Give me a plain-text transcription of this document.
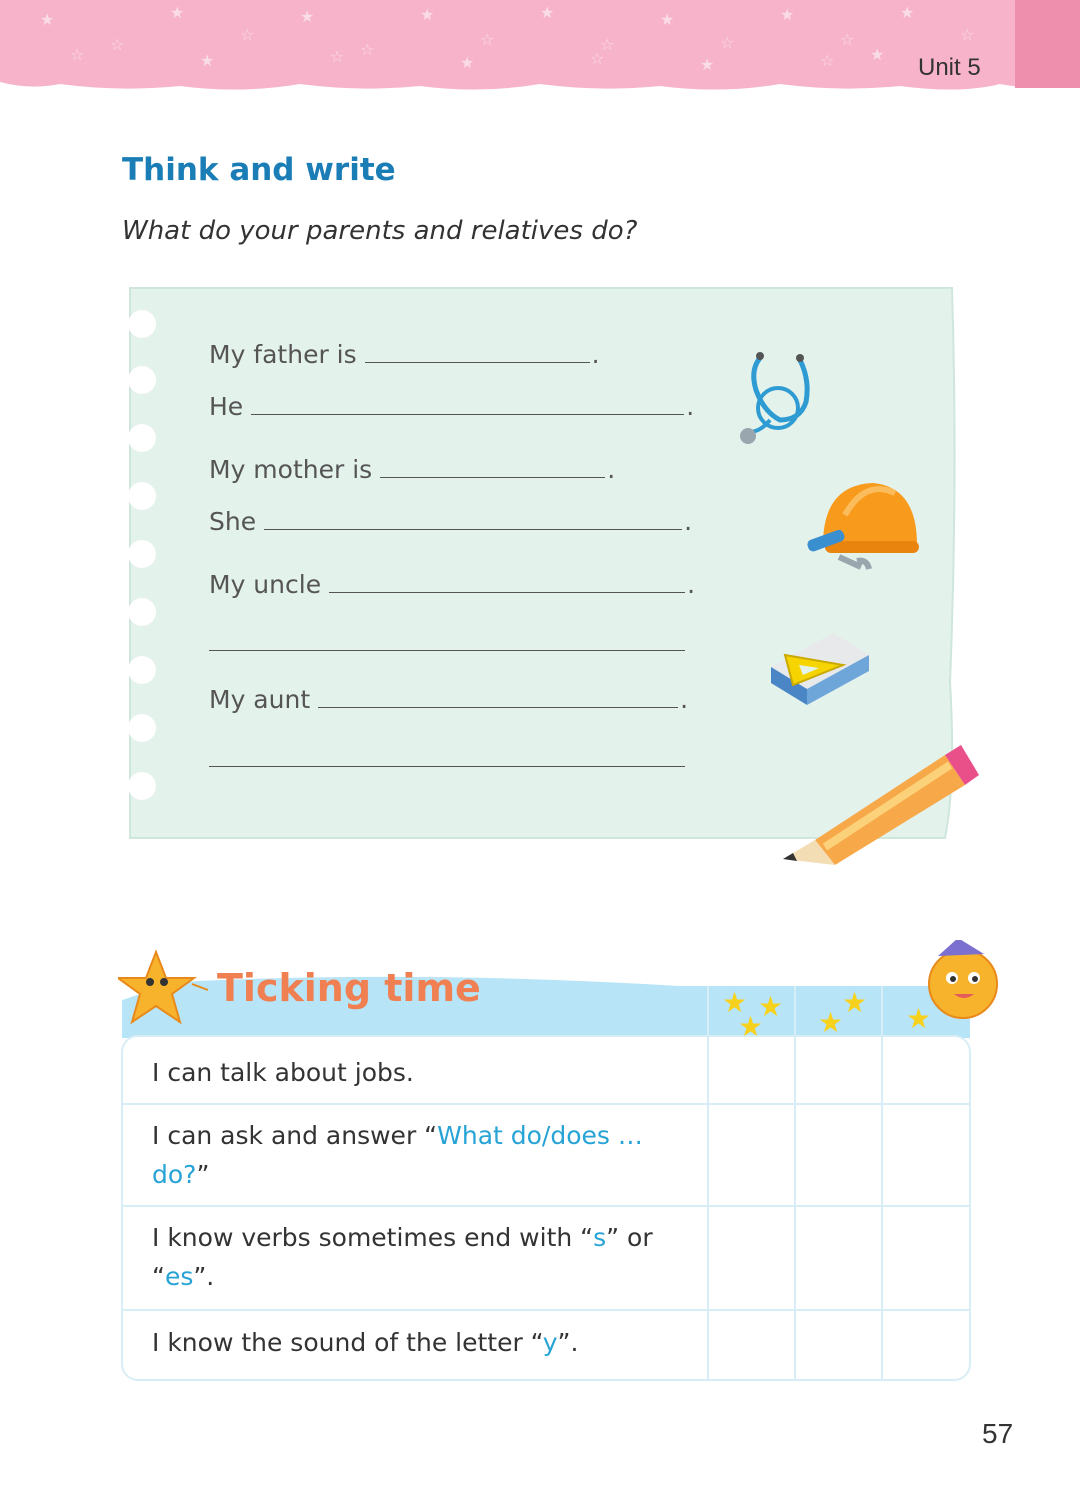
★
☆
★
☆
★
☆
★
☆
★
☆
★
☆
★
☆
★
☆
☆	★	☆	★	☆	★	☆ ★ Unit 5
Think and write
What do your parents and relatives do?
My father is	.
He	.
My mother is	.
She	.
My uncle	.
My aunt	.
★ ★
★
★
★ ★
Ticking time
I can talk about jobs.
I can ask and answer “What do/does …
do?”
I know verbs sometimes end with “s” or
“es”.
I know the sound of the letter “y”.
57
